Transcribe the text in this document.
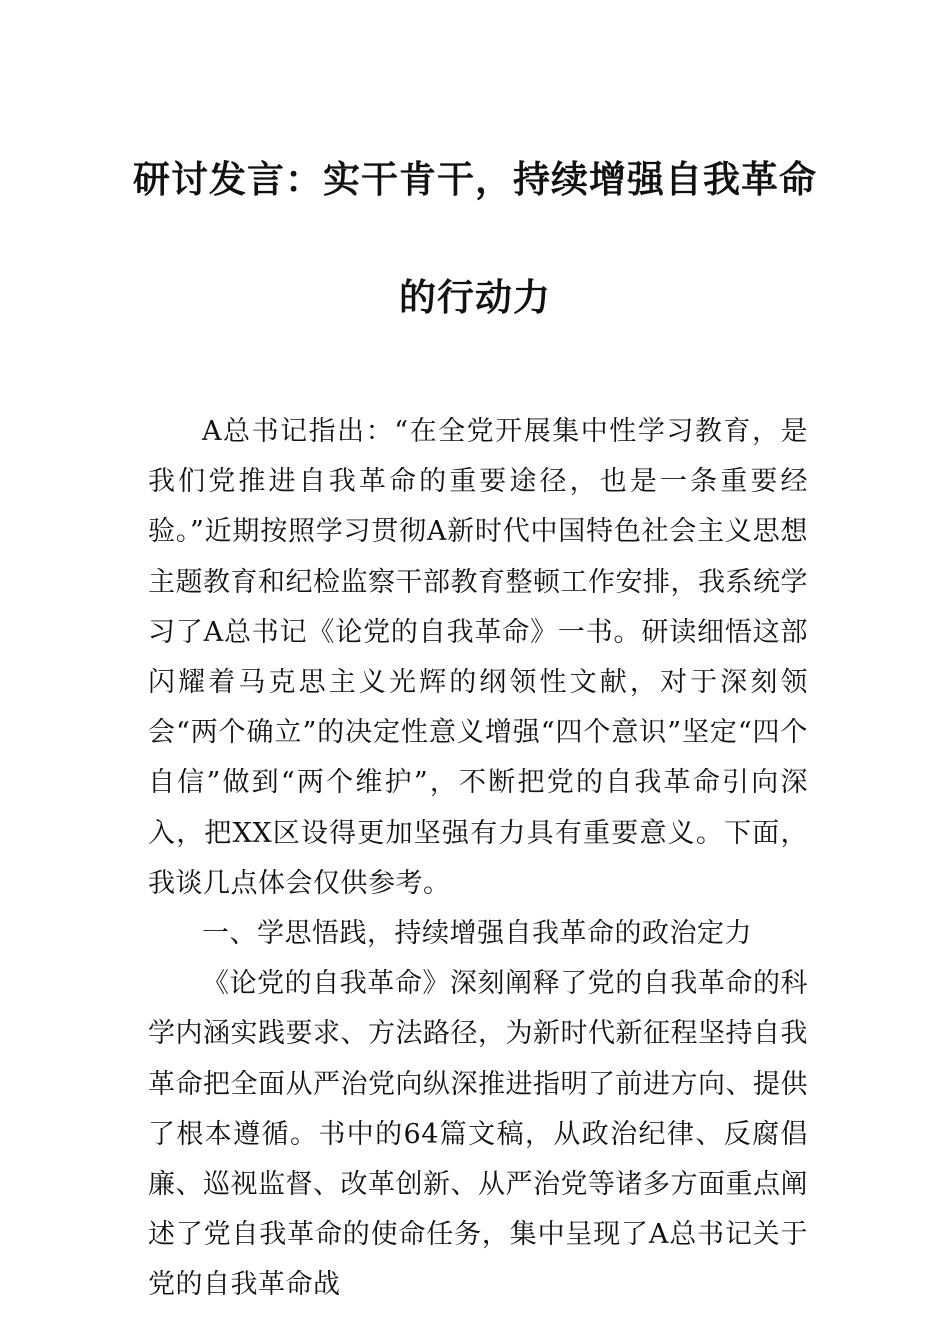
研讨发言：实干肯干，持续增强自我革命
的行动力

A总书记指出：“在全党开展集中性学习教育，是我们党推进自我革命的重要途径，也是一条重要经验。”近期按照学习贯彻A新时代中国特色社会主义思想主题教育和纪检监察干部教育整顿工作安排，我系统学习了A总书记《论党的自我革命》一书。研读细悟这部闪耀着马克思主义光辉的纲领性文献，对于深刻领会“两个确立”的决定性意义增强“四个意识”坚定“四个自信”做到“两个维护”，不断把党的自我革命引向深入，把XX区设得更加坚强有力具有重要意义。下面，我谈几点体会仅供参考。

一、学思悟践，持续增强自我革命的政治定力

《论党的自我革命》深刻阐释了党的自我革命的科学内涵实践要求、方法路径，为新时代新征程坚持自我革命把全面从严治党向纵深推进指明了前进方向、提供了根本遵循。书中的64篇文稿，从政治纪律、反腐倡廉、巡视监督、改革创新、从严治党等诸多方面重点阐述了党自我革命的使命任务，集中呈现了A总书记关于党的自我革命战
